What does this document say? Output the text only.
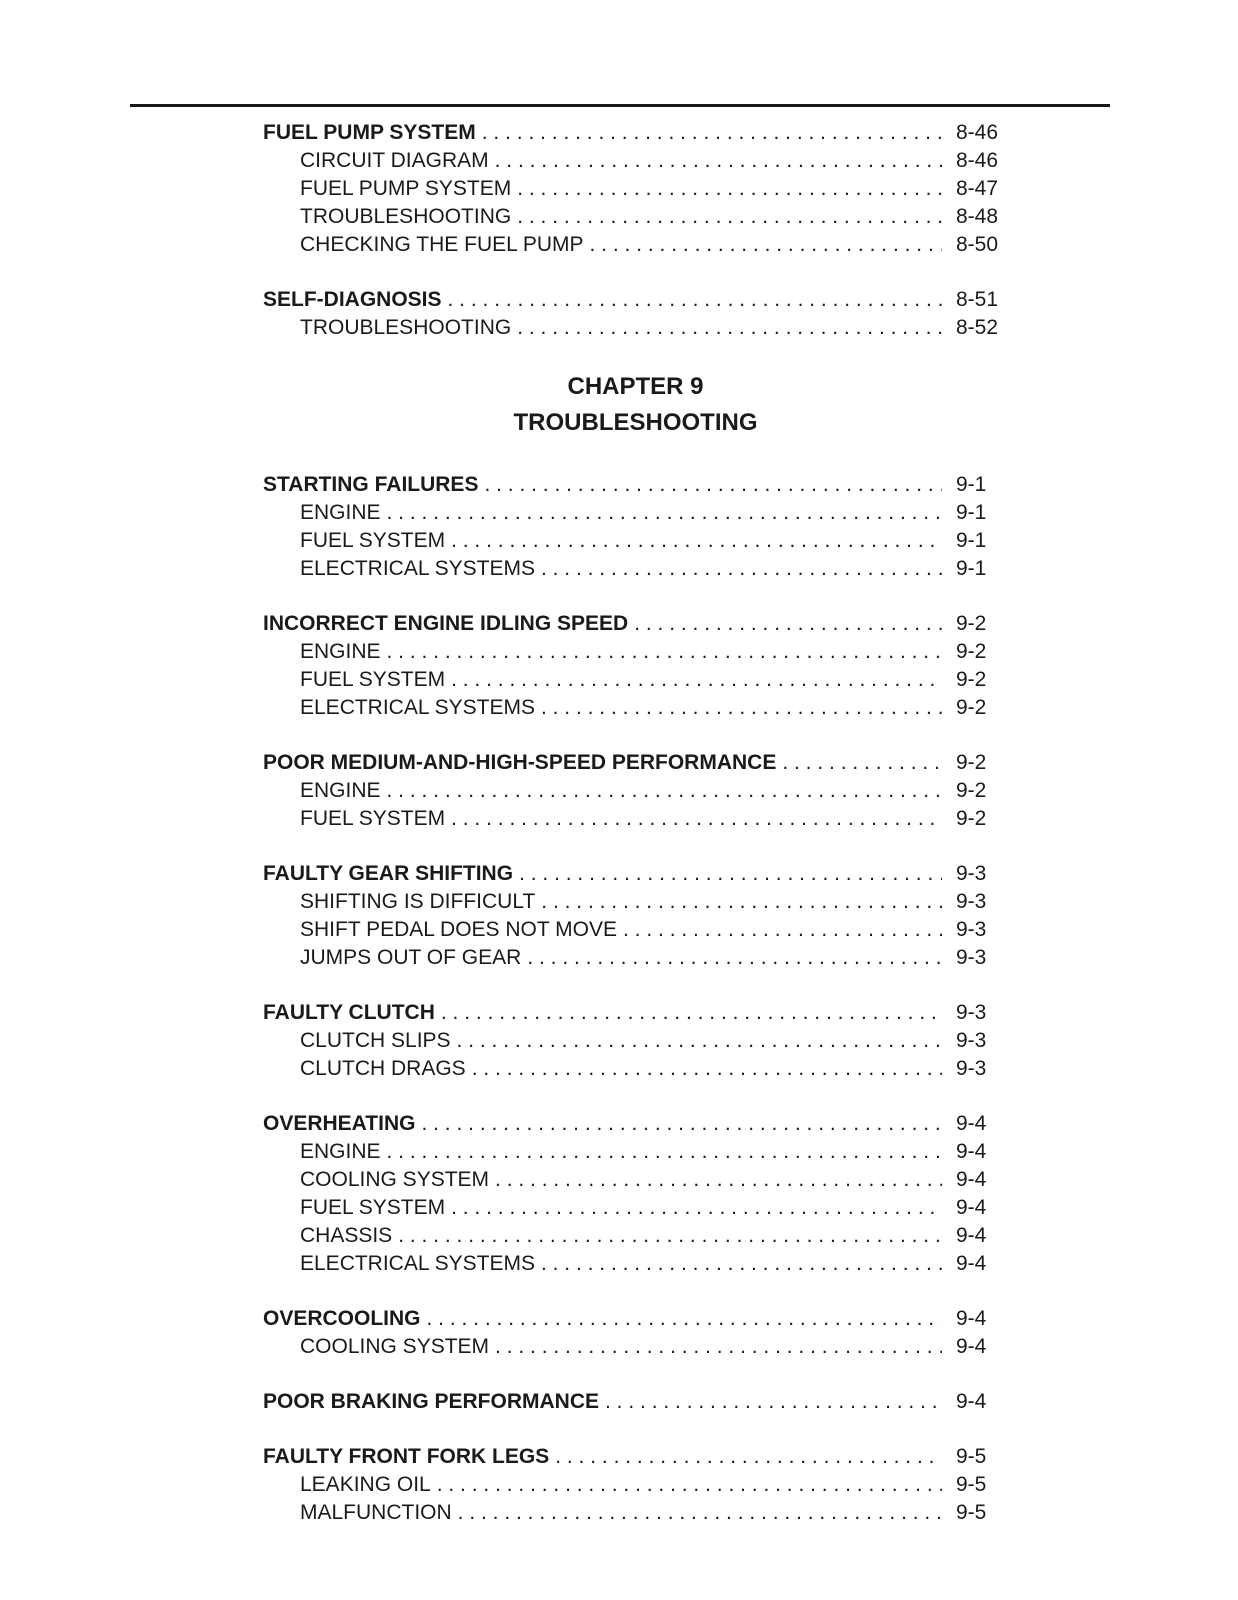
FUEL PUMP SYSTEM . . .	8-46
CIRCUIT DIAGRAM . . .	8-46
FUEL PUMP SYSTEM . . .	8-47
TROUBLESHOOTING . . .	8-48
CHECKING THE FUEL PUMP . . .	8-50
SELF-DIAGNOSIS . . .	8-51
TROUBLESHOOTING . . .	8-52
CHAPTER 9
TROUBLESHOOTING
STARTING FAILURES . . .	9-1
ENGINE . . .	9-1
FUEL SYSTEM . . .	9-1
ELECTRICAL SYSTEMS . . .	9-1
INCORRECT ENGINE IDLING SPEED . . .	9-2
ENGINE . . .	9-2
FUEL SYSTEM . . .	9-2
ELECTRICAL SYSTEMS . . .	9-2
POOR MEDIUM-AND-HIGH-SPEED PERFORMANCE . . .	9-2
ENGINE . . .	9-2
FUEL SYSTEM . . .	9-2
FAULTY GEAR SHIFTING . . .	9-3
SHIFTING IS DIFFICULT . . .	9-3
SHIFT PEDAL DOES NOT MOVE . . .	9-3
JUMPS OUT OF GEAR . . .	9-3
FAULTY CLUTCH . . .	9-3
CLUTCH SLIPS . . .	9-3
CLUTCH DRAGS . . .	9-3
OVERHEATING . . .	9-4
ENGINE . . .	9-4
COOLING SYSTEM . . .	9-4
FUEL SYSTEM . . .	9-4
CHASSIS . . .	9-4
ELECTRICAL SYSTEMS . . .	9-4
OVERCOOLING . . .	9-4
COOLING SYSTEM . . .	9-4
POOR BRAKING PERFORMANCE . . .	9-4
FAULTY FRONT FORK LEGS . . .	9-5
LEAKING OIL . . .	9-5
MALFUNCTION . . .	9-5
